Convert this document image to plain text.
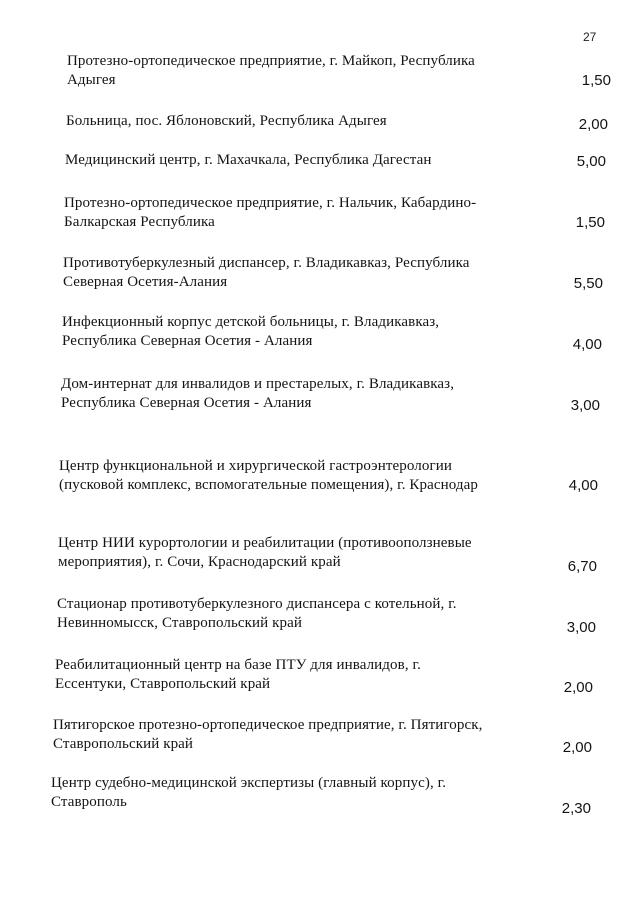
27
Протезно-ортопедическое предприятие, г. Майкоп, Республика Адыгея	1,50
Больница, пос. Яблоновский, Республика Адыгея	2,00
Медицинский центр, г. Махачкала, Республика Дагестан	5,00
Протезно-ортопедическое предприятие, г. Нальчик, Кабардино-Балкарская Республика	1,50
Противотуберкулезный диспансер, г. Владикавказ, Республика Северная Осетия-Алания	5,50
Инфекционный корпус детской больницы, г. Владикавказ, Республика Северная Осетия - Алания	4,00
Дом-интернат для инвалидов и престарелых, г. Владикавказ, Республика Северная Осетия - Алания	3,00
Центр функциональной и хирургической гастроэнтерологии (пусковой комплекс, вспомогательные помещения), г. Краснодар	4,00
Центр НИИ курортологии и реабилитации (противооползневые мероприятия), г. Сочи, Краснодарский край	6,70
Стационар противотуберкулезного диспансера с котельной, г. Невинномысск, Ставропольский край	3,00
Реабилитационный центр на базе ПТУ для инвалидов, г. Ессентуки, Ставропольский край	2,00
Пятигорское протезно-ортопедическое предприятие, г. Пятигорск, Ставропольский край	2,00
Центр судебно-медицинской экспертизы (главный корпус), г. Ставрополь	2,30
